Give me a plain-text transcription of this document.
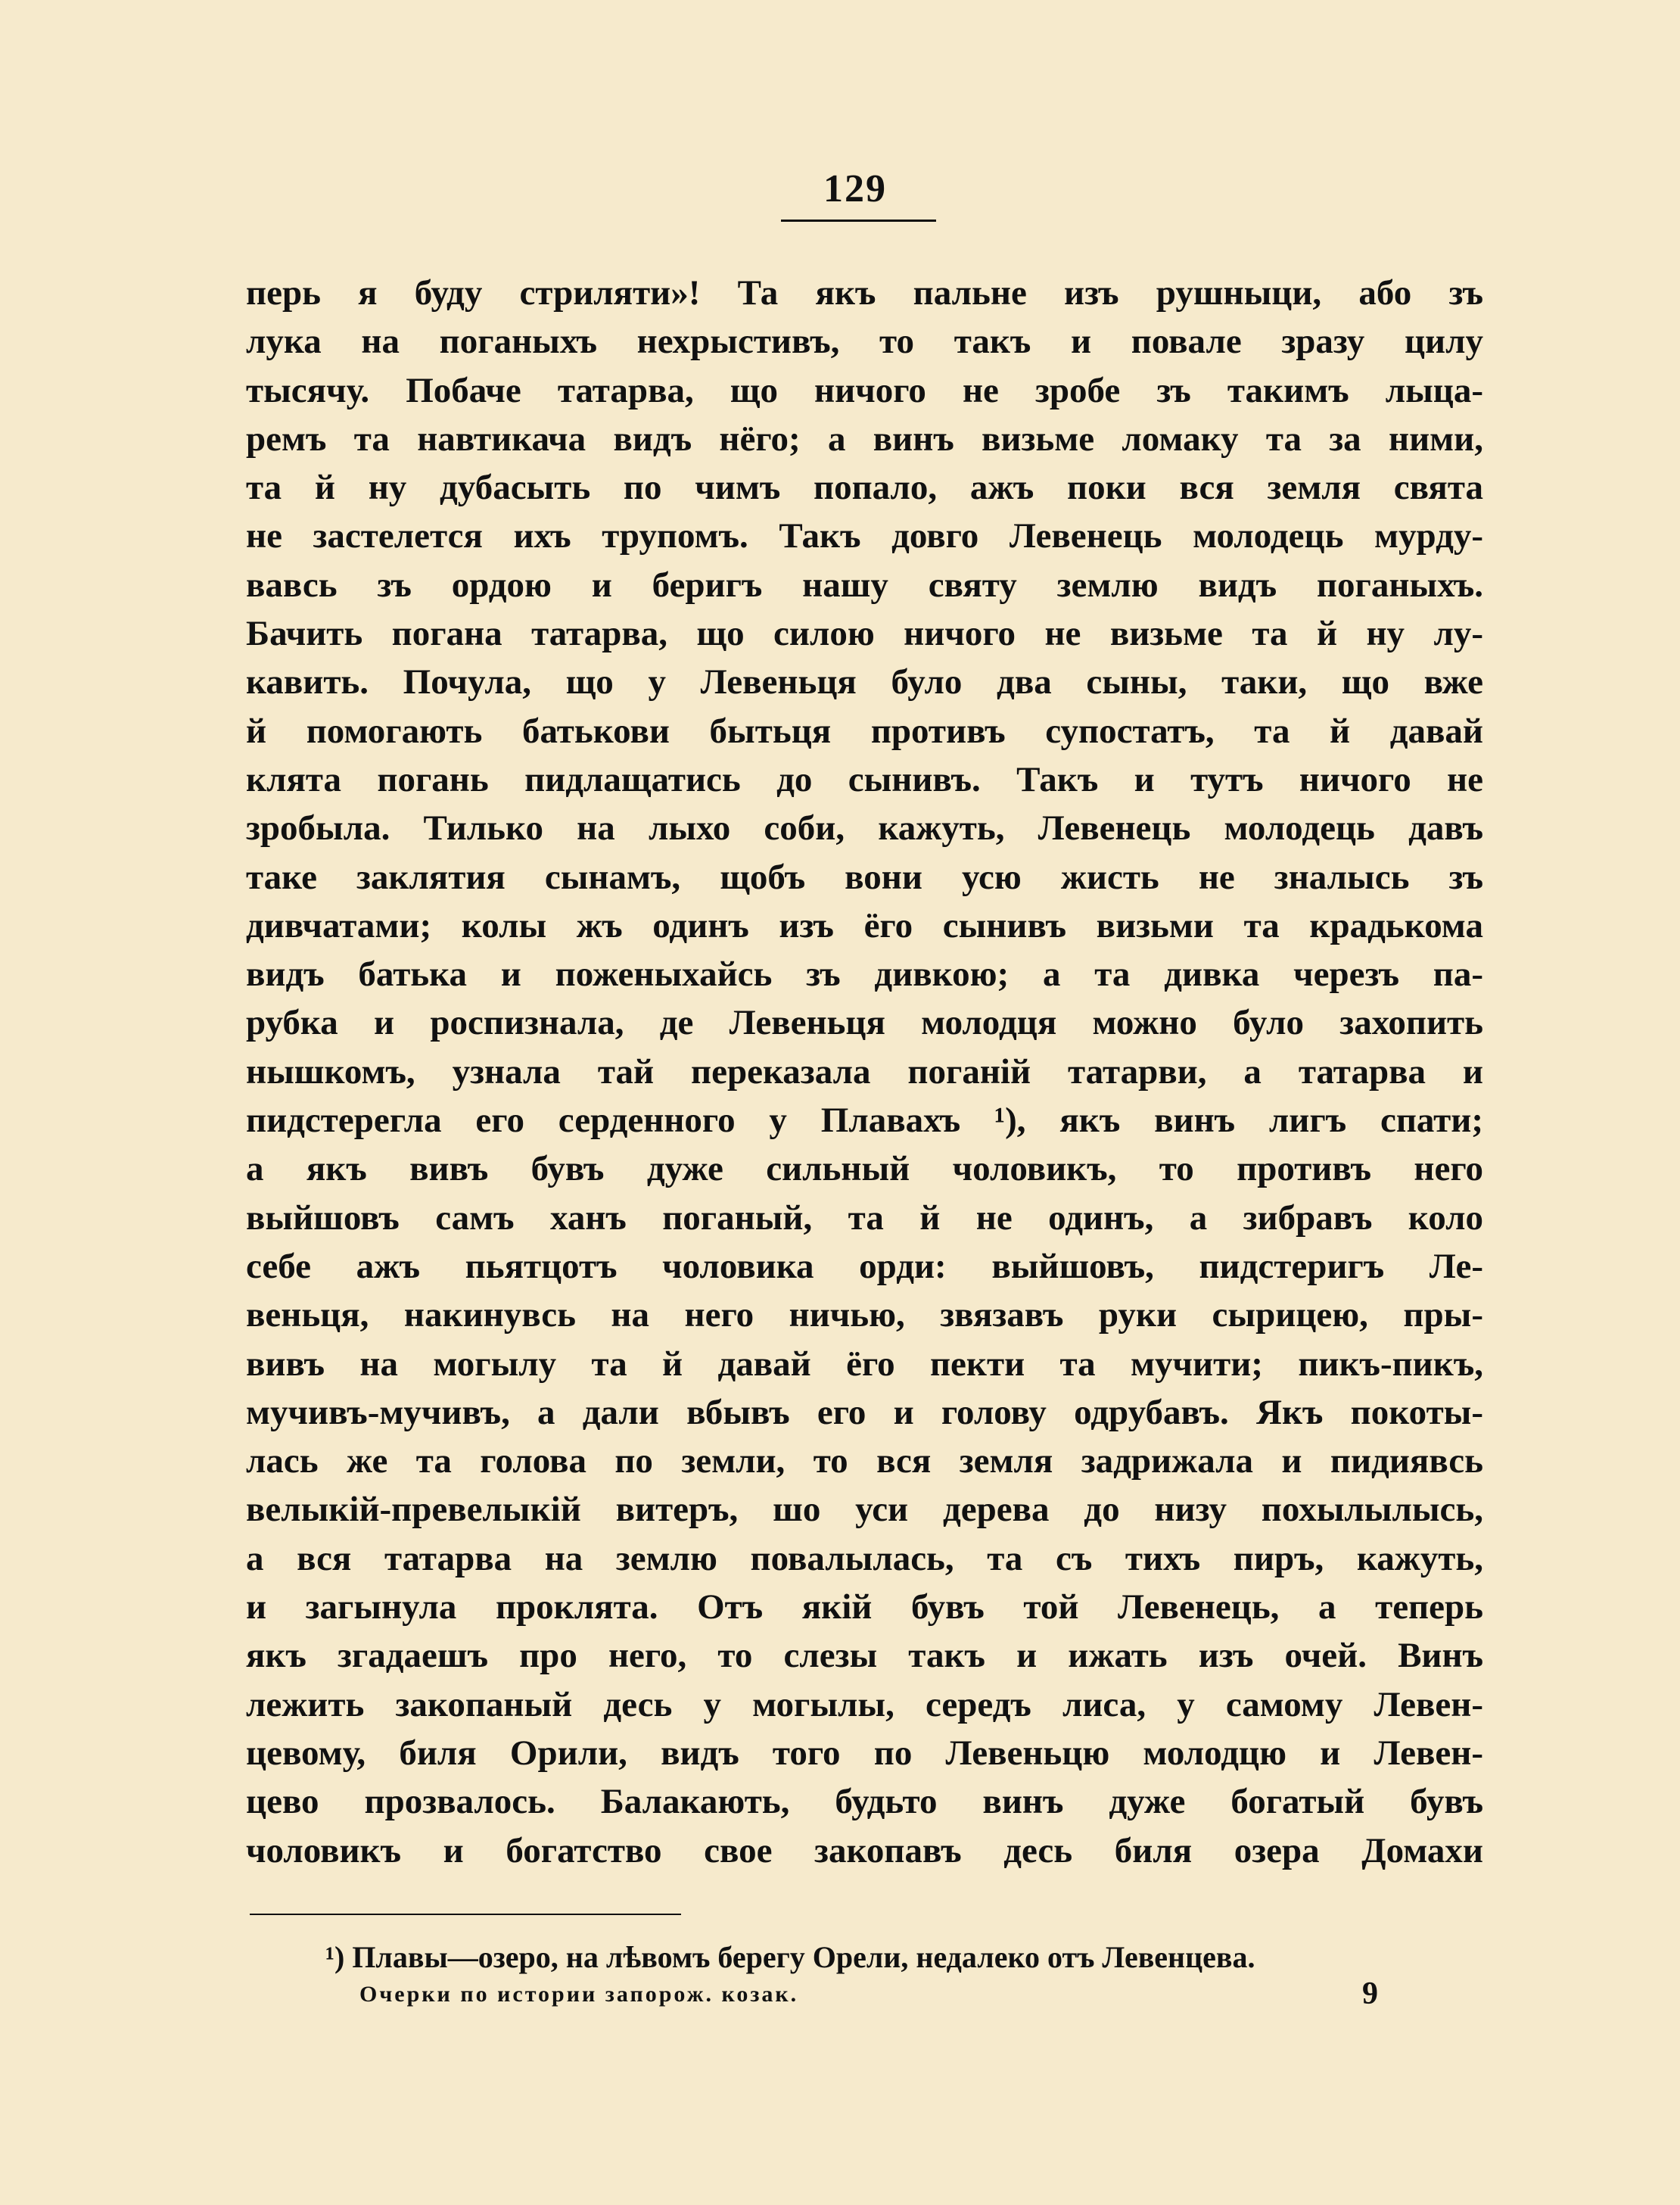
129
перь я буду стриляти»! Та якъ пальне изъ рушныци, або зъ
лука на поганыхъ нехрыстивъ, то такъ и повале зразу цилу
тысячу. Побаче татарва, що ничого не зробе зъ такимъ лыца-
ремъ та навтикача видъ нёго; а винъ визьме ломаку та за ними,
та й ну дубасыть по чимъ попало, ажъ поки вся земля свята
не застелется ихъ трупомъ. Такъ довго Левенець молодець мурду-
вавсь зъ ордою и беригъ нашу святу землю видъ поганыхъ.
Бачить погана татарва, що силою ничого не визьме та й ну лу-
кавить. Почула, що у Левеньця було два сыны, таки, що вже
й помогають батькови бытьця противъ супостатъ, та й давай
клята погань пидлащатись до сынивъ. Такъ и тутъ ничого не
зробыла. Тилько на лыхо соби, кажуть, Левенець молодець давъ
таке заклятия сынамъ, щобъ вони усю жисть не зналысь зъ
дивчатами; колы жъ одинъ изъ ёго сынивъ визьми та крадькома
видъ батька и поженыхайсь зъ дивкою; а та дивка черезъ па-
рубка и роспизнала, де Левеньця молодця можно було захопить
нышкомъ, узнала тай переказала поганій татарви, а татарва и
пидстерегла его серденного у Плавахъ ¹), якъ винъ лигъ спати;
а якъ вивъ бувъ дуже сильный чоловикъ, то противъ него
выйшовъ самъ ханъ поганый, та й не одинъ, а зибравъ коло
себе ажъ пьятцотъ чоловика орди: выйшовъ, пидстеригъ Ле-
веньця, накинувсь на него ничью, звязавъ руки сырицею, пры-
вивъ на могылу та й давай ёго пекти та мучити; пикъ-пикъ,
мучивъ-мучивъ, а дали вбывъ его и голову одрубавъ. Якъ покоты-
лась же та голова по земли, то вся земля задрижала и пидиявсь
велыкій-превелыкій витеръ, шо уси дерева до низу похылылысь,
а вся татарва на землю повалылась, та съ тихъ пиръ, кажуть,
и загынула проклята. Отъ якій бувъ той Левенець, а теперь
якъ згадаешъ про него, то слезы такъ и ижать изъ очей. Винъ
лежить закопаный десь у могылы, середъ лиса, у самому Левен-
цевому, биля Орили, видъ того по Левеньцю молодцю и Левен-
цево прозвалось. Балакають, будьто винъ дуже богатый бувъ
чоловикъ и богатство свое закопавъ десь биля озера Домахи
¹) Плавы—озеро, на лѣвомъ берегу Орели, недалеко отъ Левенцева.
Очерки по истории запорож. козак.	9
